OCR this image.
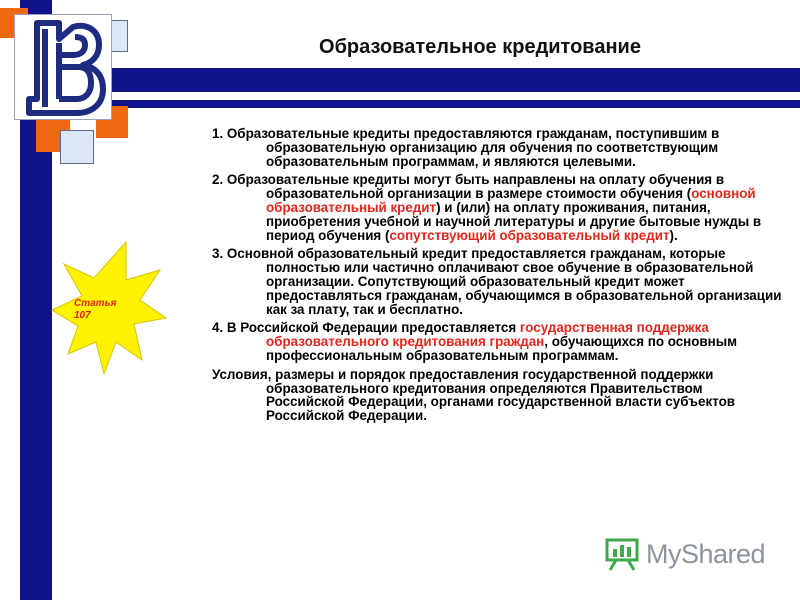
Образовательное кредитование
Статья 107

1. Образовательные кредиты предоставляются гражданам, поступившим в образовательную организацию для обучения по соответствующим образовательным программам, и являются целевыми.

2. Образовательные кредиты могут быть направлены на оплату обучения в образовательной организации в размере стоимости обучения (основной образовательный кредит) и (или) на оплату проживания, питания, приобретения учебной и научной литературы и другие бытовые нужды в период обучения (сопутствующий образовательный кредит).

3. Основной образовательный кредит предоставляется гражданам, которые полностью или частично оплачивают свое обучение в образовательной организации. Сопутствующий образовательный кредит может предоставляться гражданам, обучающимся в образовательной организации как за плату, так и бесплатно.

4. В Российской Федерации предоставляется государственная поддержка образовательного кредитования граждан, обучающихся по основным профессиональным образовательным программам.

Условия, размеры и порядок предоставления государственной поддержки образовательного кредитования определяются Правительством Российской Федерации, органами государственной власти субъектов Российской Федерации.

MyShared
